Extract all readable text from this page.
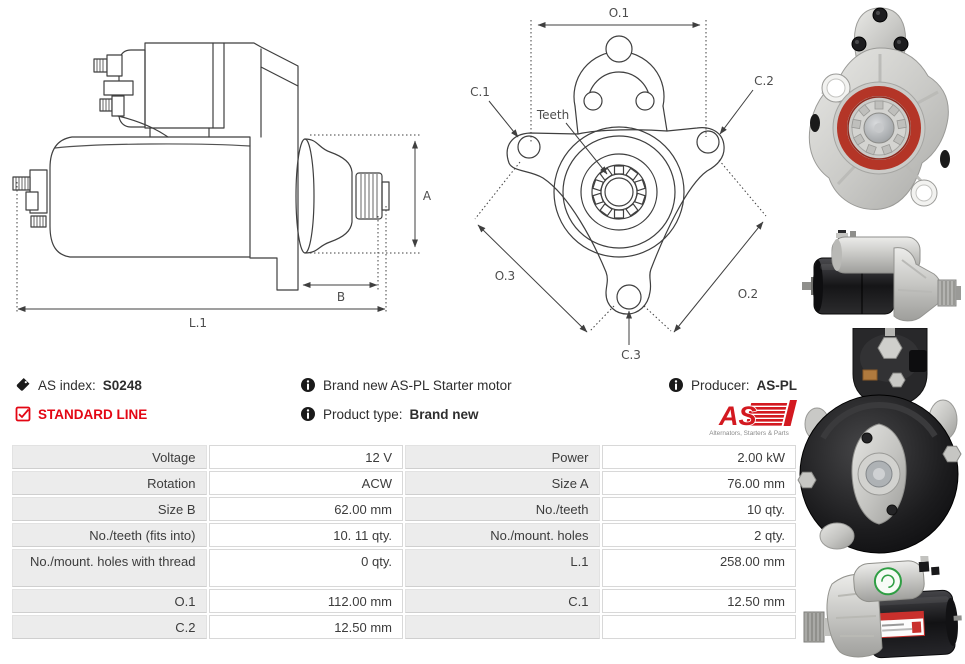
A
B
L.1
O.1
C.1
C.2
Teeth
C.3
O.3
O.2
AS index: S0248
STANDARD LINE
Brand new AS-PL Starter motor
Product type: Brand new
Producer: AS-PL
AS
Alternators, Starters & Parts
Voltage	12 V	Power	2.00 kW
Rotation	ACW	Size A	76.00 mm
Size B	62.00 mm	No./teeth	10 qty.
No./teeth (fits into)	10. 11 qty.	No./mount. holes	2 qty.
No./mount. holes with thread	0 qty.	L.1	258.00 mm
O.1	112.00 mm	C.1	12.50 mm
C.2	12.50 mm		
